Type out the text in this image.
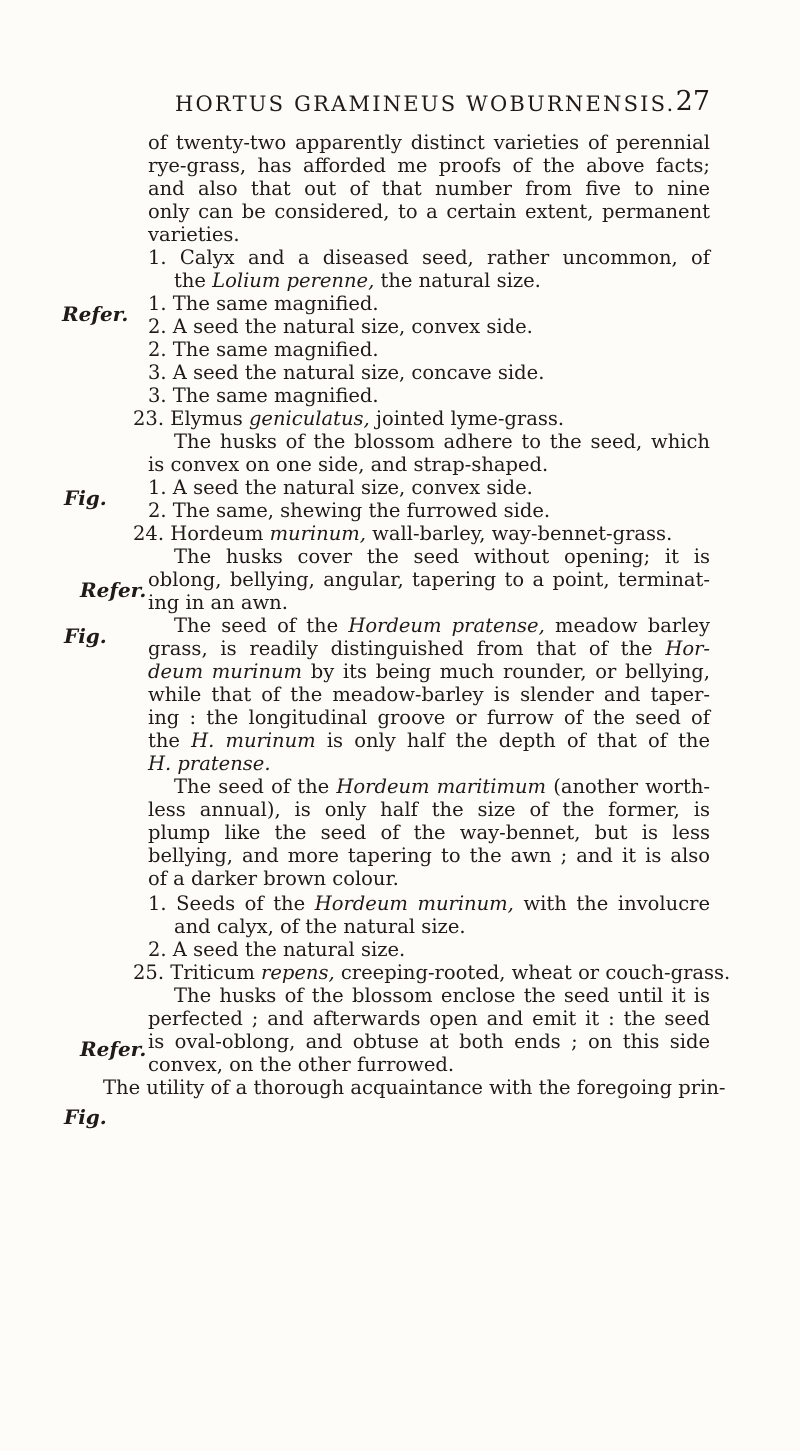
HORTUS GRAMINEUS WOBURNENSIS. 27
Refer.
Fig.
Refer.
Fig.
Refer.
Fig.
of twenty-two apparently distinct varieties of perennial
rye-grass, has afforded me proofs of the above facts;
and also that out of that number from five to nine
only can be considered, to a certain extent, permanent
varieties.
1. Calyx and a diseased seed, rather uncommon, of
the Lolium perenne, the natural size.
1. The same magnified.
2. A seed the natural size, convex side.
2. The same magnified.
3. A seed the natural size, concave side.
3. The same magnified.
23. Elymus geniculatus, jointed lyme-grass.
The husks of the blossom adhere to the seed, which
is convex on one side, and strap-shaped.
1. A seed the natural size, convex side.
2. The same, shewing the furrowed side.
24. Hordeum murinum, wall-barley, way-bennet-grass.
The husks cover the seed without opening; it is
oblong, bellying, angular, tapering to a point, terminat-
ing in an awn.
The seed of the Hordeum pratense, meadow barley
grass, is readily distinguished from that of the Hor-
deum murinum by its being much rounder, or bellying,
while that of the meadow-barley is slender and taper-
ing : the longitudinal groove or furrow of the seed of
the H. murinum is only half the depth of that of the
H. pratense.
The seed of the Hordeum maritimum (another worth-
less annual), is only half the size of the former, is
plump like the seed of the way-bennet, but is less
bellying, and more tapering to the awn ; and it is also
of a darker brown colour.
1. Seeds of the Hordeum murinum, with the involucre
and calyx, of the natural size.
2. A seed the natural size.
25. Triticum repens, creeping-rooted, wheat or couch-grass.
The husks of the blossom enclose the seed until it is
perfected ; and afterwards open and emit it : the seed
is oval-oblong, and obtuse at both ends ; on this side
convex, on the other furrowed.
The utility of a thorough acquaintance with the foregoing prin-
